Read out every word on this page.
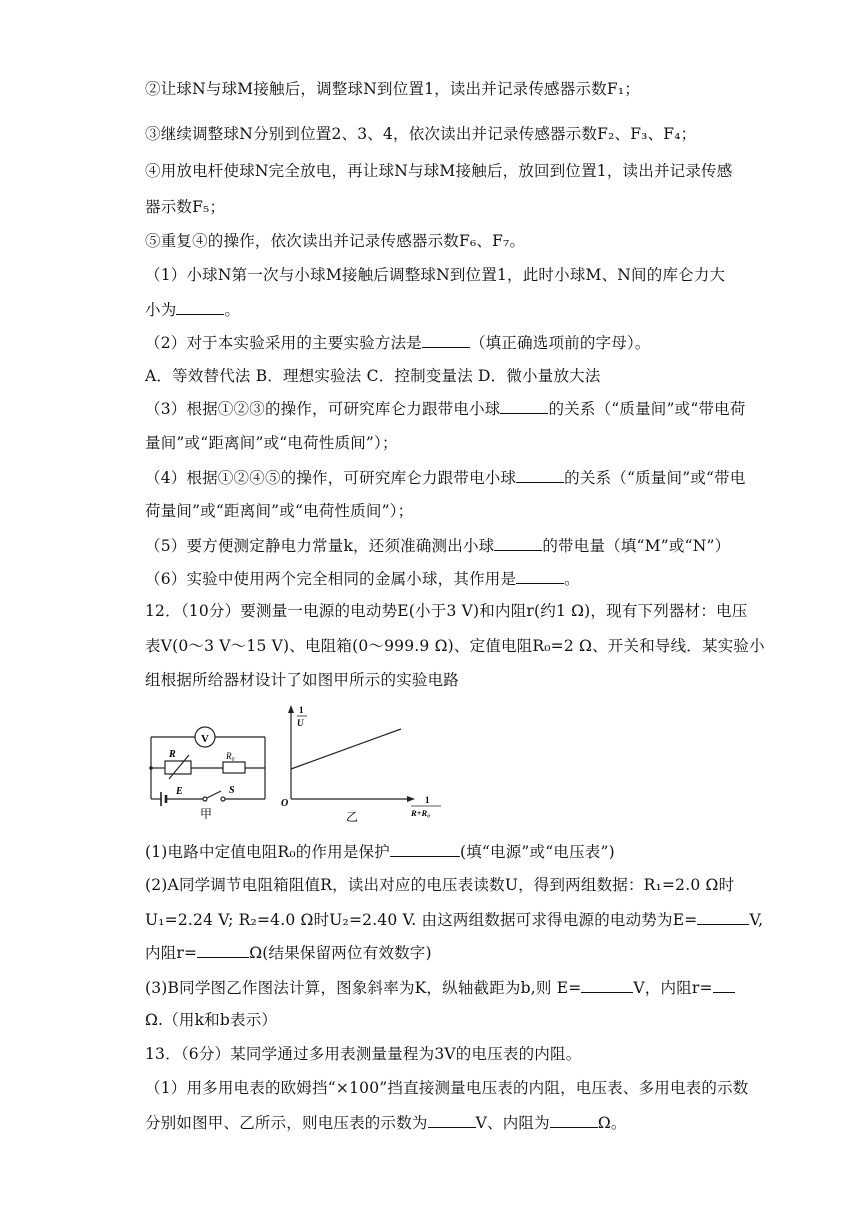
②让球N与球M接触后，调整球N到位置1，读出并记录传感器示数F₁；
③继续调整球N分别到位置2、3、4，依次读出并记录传感器示数F₂、F₃、F₄；
④用放电杆使球N完全放电，再让球N与球M接触后，放回到位置1，读出并记录传感
器示数F₅；
⑤重复④的操作，依次读出并记录传感器示数F₆、F₇。
（1）小球N第一次与小球M接触后调整球N到位置1，此时小球M、N间的库仑力大
小为	。
（2）对于本实验采用的主要实验方法是	（填正确选项前的字母）。
A．等效替代法 B．理想实验法 C．控制变量法 D．微小量放大法
（3）根据①②③的操作，可研究库仑力跟带电小球	的关系（“质量间”或“带电荷
量间”或“距离间”或“电荷性质间”）；
（4）根据①②④⑤的操作，可研究库仑力跟带电小球	的关系（“质量间”或“带电
荷量间”或“距离间”或“电荷性质间”）；
（5）要方便测定静电力常量k，还须准确测出小球	的带电量（填“M”或“N”）
（6）实验中使用两个完全相同的金属小球，其作用是	。
12．（10分）要测量一电源的电动势E(小于3 V)和内阻r(约1 Ω)，现有下列器材：电压
表V(0～3 V～15 V)、电阻箱(0～999.9 Ω)、定值电阻R₀=2 Ω、开关和导线．某实验小
组根据所给器材设计了如图甲所示的实验电路
V
R	R₀
E	S
甲
1
U
O	1
R+R₀
乙
(1)电路中定值电阻R₀的作用是保护	(填“电源”或“电压表”)
(2)A同学调节电阻箱阻值R，读出对应的电压表读数U，得到两组数据：R₁=2.0 Ω时
U₁=2.24 V; R₂=4.0 Ω时U₂=2.40 V. 由这两组数据可求得电源的电动势为E=	V,
内阻r=	Ω(结果保留两位有效数字)
(3)B同学图乙作图法计算，图象斜率为K，纵轴截距为b,则 E=	V，内阻r=
Ω.（用k和b表示）
13．（6分）某同学通过多用表测量量程为3V的电压表的内阻。
（1）用多用电表的欧姆挡“×100”挡直接测量电压表的内阻，电压表、多用电表的示数
分别如图甲、乙所示，则电压表的示数为	V、内阻为	Ω。
